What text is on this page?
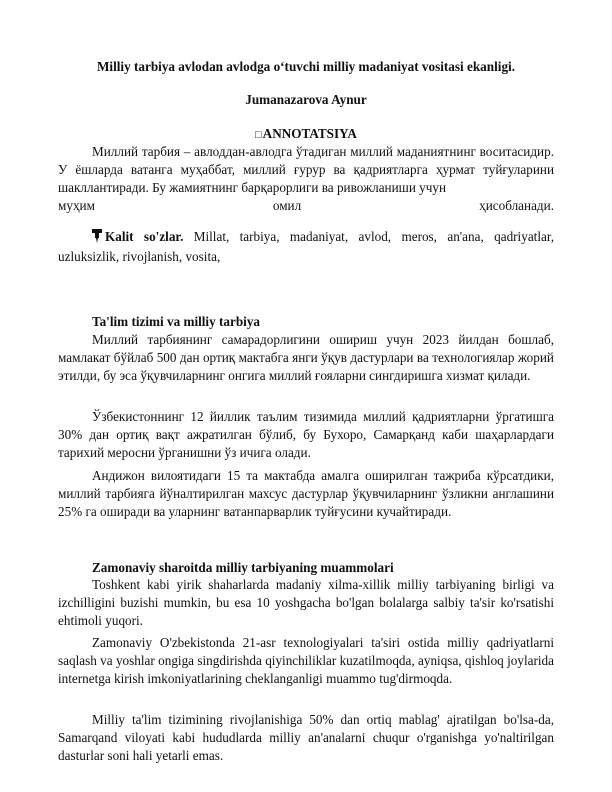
Milliy tarbiya avlodan avlodga o‘tuvchi milliy madaniyat vositasi ekanligi.
Jumanazarova Aynur
□ANNOTATSIYA

Миллий тарбия – авлоддан-авлодга ўтадиган миллий маданиятнинг воситасидир. У ёшларда ватанга муҳаббат, миллий ғурур ва қадриятларга ҳурмат туйғуларини шакллантиради. Бу жамиятнинг барқарорлиги ва ривожланиши учун

муҳим омил ҳисобланади.

Kalit so'zlar. Millat, tarbiya, madaniyat, avlod, meros, an'ana, qadriyatlar, uzluksizlik, rivojlanish, vosita,

Ta'lim tizimi va milliy tarbiya

Миллий тарбиянинг самарадорлигини ошириш учун 2023 йилдан бошлаб, мамлакат бўйлаб 500 дан ортиқ мактабга янги ўқув дастурлари ва технологиялар жорий этилди, бу эса ўқувчиларнинг онгига миллий ғояларни сингдиришга хизмат қилади.

Ўзбекистоннинг 12 йиллик таълим тизимида миллий қадриятларни ўргатишга 30% дан ортиқ вақт ажратилган бўлиб, бу Бухоро, Самарқанд каби шаҳарлардаги тарихий меросни ўрганишни ўз ичига олади.

Андижон вилоятидаги 15 та мактабда амалга оширилган тажриба кўрсатдики, миллий тарбияга йўналтирилган махсус дастурлар ўқувчиларнинг ўзликни англашини 25% га оширади ва уларнинг ватанпарварлик туйғусини кучайтиради.

Zamonaviy sharoitda milliy tarbiyaning muammolari

Toshkent kabi yirik shaharlarda madaniy xilma-xillik milliy tarbiyaning birligi va izchilligini buzishi mumkin, bu esa 10 yoshgacha bo'lgan bolalarga salbiy ta'sir ko'rsatishi ehtimoli yuqori.

Zamonaviy O'zbekistonda 21-asr texnologiyalari ta'siri ostida milliy qadriyatlarni saqlash va yoshlar ongiga singdirishda qiyinchiliklar kuzatilmoqda, ayniqsa, qishloq joylarida internetga kirish imkoniyatlarining cheklanganligi muammo tug'dirmoqda.

Milliy ta'lim tizimining rivojlanishiga 50% dan ortiq mablag' ajratilgan bo'lsa-da, Samarqand viloyati kabi hududlarda milliy an'analarni chuqur o'rganishga yo'naltirilgan dasturlar soni hali yetarli emas.
